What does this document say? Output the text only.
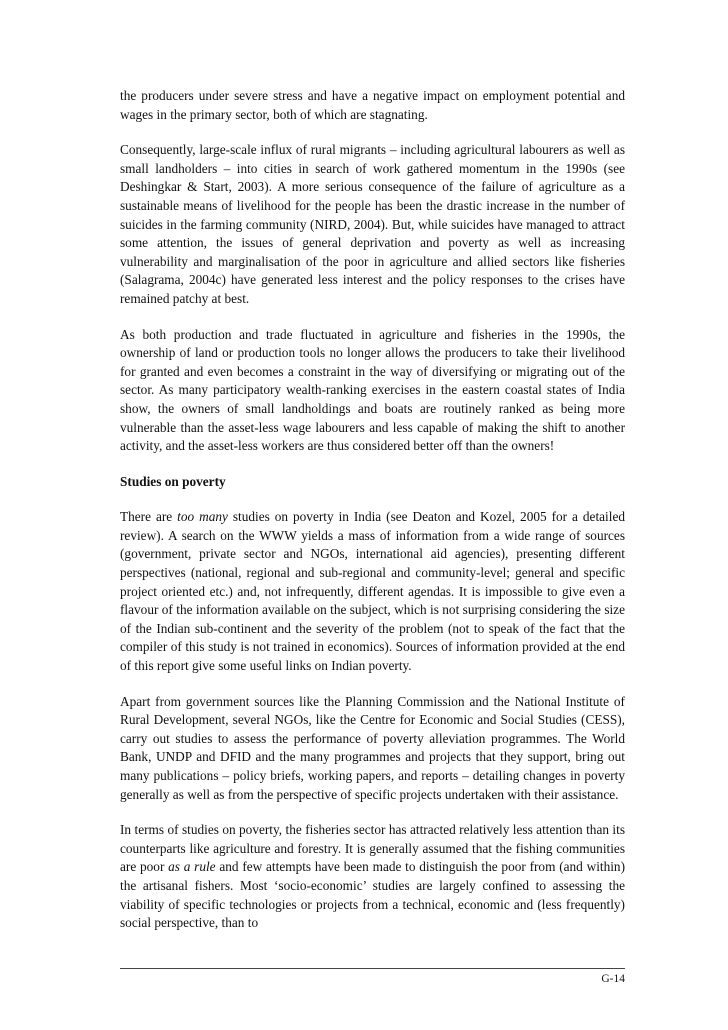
the producers under severe stress and have a negative impact on employment potential and wages in the primary sector, both of which are stagnating.

Consequently, large-scale influx of rural migrants – including agricultural labourers as well as small landholders – into cities in search of work gathered momentum in the 1990s (see Deshingkar & Start, 2003). A more serious consequence of the failure of agriculture as a sustainable means of livelihood for the people has been the drastic increase in the number of suicides in the farming community (NIRD, 2004). But, while suicides have managed to attract some attention, the issues of general deprivation and poverty as well as increasing vulnerability and marginalisation of the poor in agriculture and allied sectors like fisheries (Salagrama, 2004c) have generated less interest and the policy responses to the crises have remained patchy at best.

As both production and trade fluctuated in agriculture and fisheries in the 1990s, the ownership of land or production tools no longer allows the producers to take their livelihood for granted and even becomes a constraint in the way of diversifying or migrating out of the sector. As many participatory wealth-ranking exercises in the eastern coastal states of India show, the owners of small landholdings and boats are routinely ranked as being more vulnerable than the asset-less wage labourers and less capable of making the shift to another activity, and the asset-less workers are thus considered better off than the owners!

Studies on poverty

There are too many studies on poverty in India (see Deaton and Kozel, 2005 for a detailed review). A search on the WWW yields a mass of information from a wide range of sources (government, private sector and NGOs, international aid agencies), presenting different perspectives (national, regional and sub-regional and community-level; general and specific project oriented etc.) and, not infrequently, different agendas. It is impossible to give even a flavour of the information available on the subject, which is not surprising considering the size of the Indian sub-continent and the severity of the problem (not to speak of the fact that the compiler of this study is not trained in economics). Sources of information provided at the end of this report give some useful links on Indian poverty.

Apart from government sources like the Planning Commission and the National Institute of Rural Development, several NGOs, like the Centre for Economic and Social Studies (CESS), carry out studies to assess the performance of poverty alleviation programmes. The World Bank, UNDP and DFID and the many programmes and projects that they support, bring out many publications – policy briefs, working papers, and reports – detailing changes in poverty generally as well as from the perspective of specific projects undertaken with their assistance.

In terms of studies on poverty, the fisheries sector has attracted relatively less attention than its counterparts like agriculture and forestry. It is generally assumed that the fishing communities are poor as a rule and few attempts have been made to distinguish the poor from (and within) the artisanal fishers. Most ‘socio-economic’ studies are largely confined to assessing the viability of specific technologies or projects from a technical, economic and (less frequently) social perspective, than to

G-14
